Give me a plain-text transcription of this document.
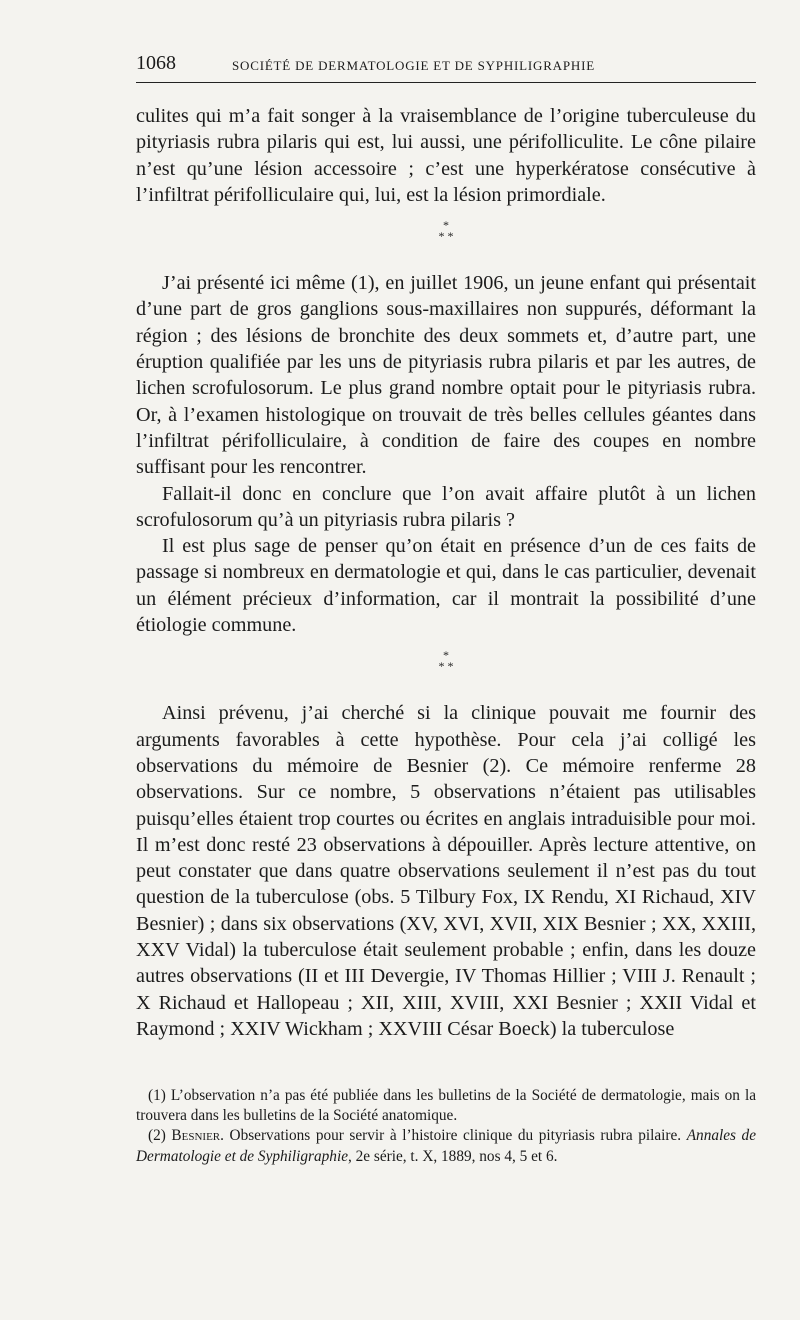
1068	SOCIÉTÉ DE DERMATOLOGIE ET DE SYPHILIGRAPHIE

culites qui m’a fait songer à la vraisemblance de l’origine tuberculeuse du pityriasis rubra pilaris qui est, lui aussi, une périfolliculite. Le cône pilaire n’est qu’une lésion accessoire ; c’est une hyperkératose consécutive à l’infiltrat périfolliculaire qui, lui, est la lésion primordiale.

*
* *

J’ai présenté ici même (1), en juillet 1906, un jeune enfant qui présentait d’une part de gros ganglions sous-maxillaires non suppurés, déformant la région ; des lésions de bronchite des deux sommets et, d’autre part, une éruption qualifiée par les uns de pityriasis rubra pilaris et par les autres, de lichen scrofulosorum. Le plus grand nombre optait pour le pityriasis rubra. Or, à l’examen histologique on trouvait de très belles cellules géantes dans l’infiltrat périfolliculaire, à condition de faire des coupes en nombre suffisant pour les rencontrer.

Fallait-il donc en conclure que l’on avait affaire plutôt à un lichen scrofulosorum qu’à un pityriasis rubra pilaris ?

Il est plus sage de penser qu’on était en présence d’un de ces faits de passage si nombreux en dermatologie et qui, dans le cas particulier, devenait un élément précieux d’information, car il montrait la possibilité d’une étiologie commune.

*
* *

Ainsi prévenu, j’ai cherché si la clinique pouvait me fournir des arguments favorables à cette hypothèse. Pour cela j’ai colligé les observations du mémoire de Besnier (2). Ce mémoire renferme 28 observations. Sur ce nombre, 5 observations n’étaient pas utilisables puisqu’elles étaient trop courtes ou écrites en anglais intraduisible pour moi. Il m’est donc resté 23 observations à dépouiller. Après lecture attentive, on peut constater que dans quatre observations seulement il n’est pas du tout question de la tuberculose (obs. 5 Tilbury Fox, IX Rendu, XI Richaud, XIV Besnier) ; dans six observations (XV, XVI, XVII, XIX Besnier ; XX, XXIII, XXV Vidal) la tuberculose était seulement probable ; enfin, dans les douze autres observations (II et III Devergie, IV Thomas Hillier ; VIII J. Renault ; X Richaud et Hallopeau ; XII, XIII, XVIII, XXI Besnier ; XXII Vidal et Raymond ; XXIV Wickham ; XXVIII César Boeck) la tuberculose

(1) L’observation n’a pas été publiée dans les bulletins de la Société de dermatologie, mais on la trouvera dans les bulletins de la Société anatomique.

(2) Besnier. Observations pour servir à l’histoire clinique du pityriasis rubra pilaire. Annales de Dermatologie et de Syphiligraphie, 2e série, t. X, 1889, nos 4, 5 et 6.
